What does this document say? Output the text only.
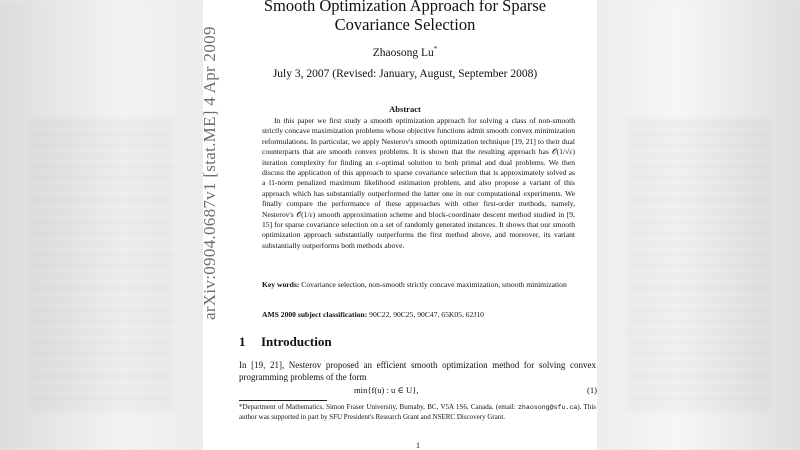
arXiv:0904.0687v1 [stat.ME] 4 Apr 2009
Smooth Optimization Approach for Sparse Covariance Selection
Zhaosong Lu*
July 3, 2007 (Revised: January, August, September 2008)
Abstract

In this paper we first study a smooth optimization approach for solving a class of non-smooth strictly concave maximization problems whose objective functions admit smooth convex minimization reformulations. In particular, we apply Nesterov's smooth optimization technique [19, 21] to their dual counterparts that are smooth convex problems. It is shown that the resulting approach has 𝒪(1/√ε) iteration complexity for finding an ε-optimal solution to both primal and dual problems. We then discuss the application of this approach to sparse covariance selection that is approximately solved as a l1-norm penalized maximum likelihood estimation problem, and also propose a variant of this approach which has substantially outperformed the latter one in our computational experiments. We finally compare the performance of these approaches with other first-order methods, namely, Nesterov's 𝒪(1/ε) smooth approximation scheme and block-coordinate descent method studied in [9, 15] for sparse covariance selection on a set of randomly generated instances. It shows that our smooth optimization approach substantially outperforms the first method above, and moreover, its variant substantially outperforms both methods above.

Key words: Covariance selection, non-smooth strictly concave maximization, smooth minimization
AMS 2000 subject classification: 90C22, 90C25, 90C47, 65K05, 62J10
1 Introduction
In [19, 21], Nesterov proposed an efficient smooth optimization method for solving convex programming problems of the form
min{f(u) : u ∈ U},	(1)
*Department of Mathematics, Simon Fraser University, Burnaby, BC, V5A 1S6, Canada. (email: zhaosong@sfu.ca). This author was supported in part by SFU President's Research Grant and NSERC Discovery Grant.
1
